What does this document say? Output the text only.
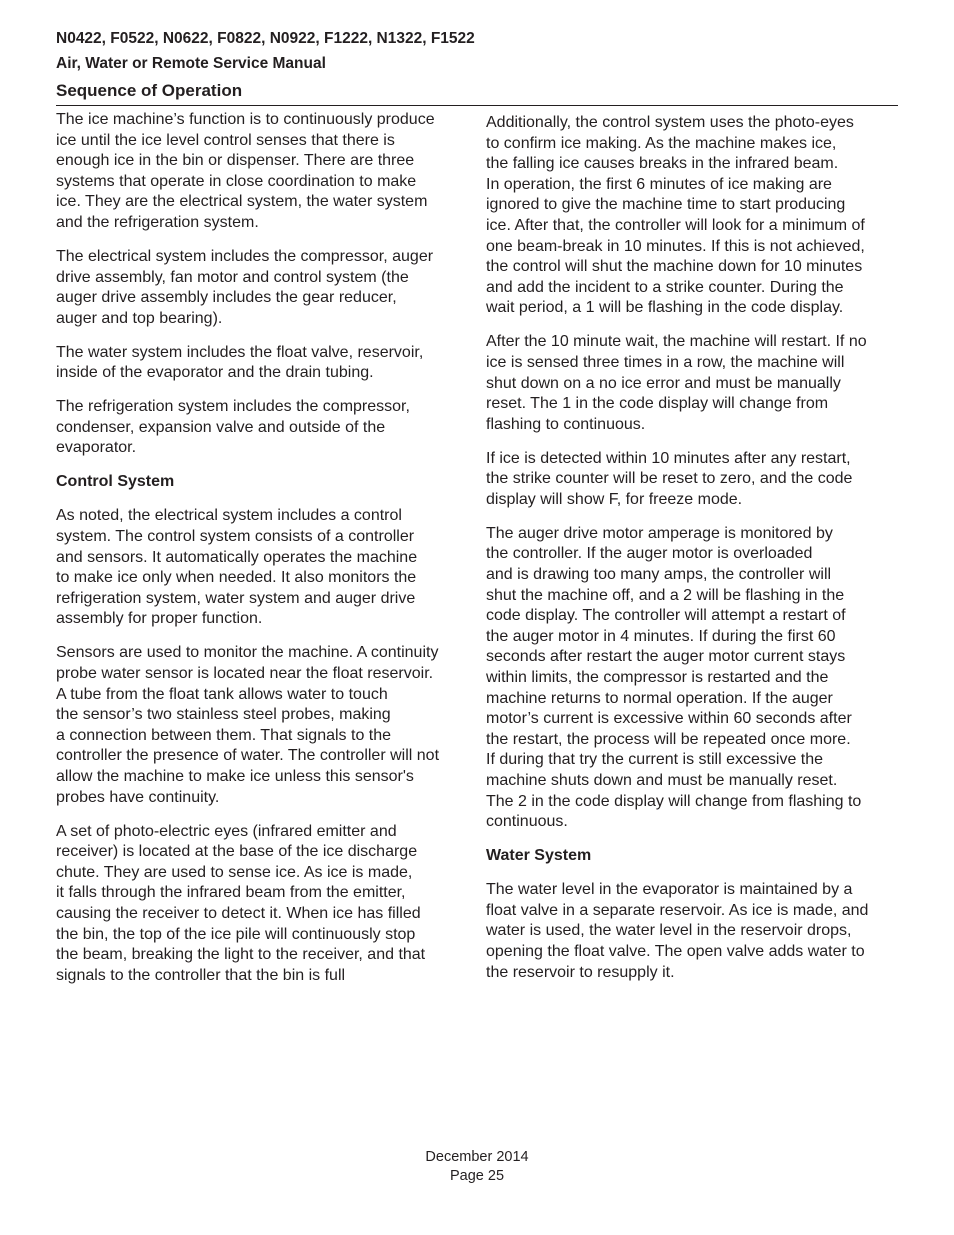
N0422, F0522, N0622, F0822, N0922, F1222, N1322, F1522
Air, Water or Remote Service Manual
Sequence of Operation

The ice machine’s function is to continuously produce
ice until the ice level control senses that there is
enough ice in the bin or dispenser. There are three
systems that operate in close coordination to make
ice. They are the electrical system, the water system
and the refrigeration system.

The electrical system includes the compressor, auger
drive assembly, fan motor and control system (the
auger drive assembly includes the gear reducer,
auger and top bearing).

The water system includes the float valve, reservoir,
inside of the evaporator and the drain tubing.

The refrigeration system includes the compressor,
condenser, expansion valve and outside of the
evaporator.

Control System

As noted, the electrical system includes a control
system. The control system consists of a controller
and sensors. It automatically operates the machine
to make ice only when needed. It also monitors the
refrigeration system, water system and auger drive
assembly for proper function.

Sensors are used to monitor the machine. A continuity
probe water sensor is located near the float reservoir.
A tube from the float tank allows water to touch
the sensor’s two stainless steel probes, making
a connection between them. That signals to the
controller the presence of water. The controller will not
allow the machine to make ice unless this sensor's
probes have continuity.

A set of photo-electric eyes (infrared emitter and
receiver) is located at the base of the ice discharge
chute. They are used to sense ice. As ice is made,
it falls through the infrared beam from the emitter,
causing the receiver to detect it. When ice has filled
the bin, the top of the ice pile will continuously stop
the beam, breaking the light to the receiver, and that
signals to the controller that the bin is full

Additionally, the control system uses the photo-eyes
to confirm ice making. As the machine makes ice,
the falling ice causes breaks in the infrared beam.
In operation, the first 6 minutes of ice making are
ignored to give the machine time to start producing
ice. After that, the controller will look for a minimum of
one beam-break in 10 minutes. If this is not achieved,
the control will shut the machine down for 10 minutes
and add the incident to a strike counter. During the
wait period, a 1 will be flashing in the code display.

After the 10 minute wait, the machine will restart. If no
ice is sensed three times in a row, the machine will
shut down on a no ice error and must be manually
reset. The 1 in the code display will change from
flashing to continuous.

If ice is detected within 10 minutes after any restart,
the strike counter will be reset to zero, and the code
display will show F, for freeze mode.

The auger drive motor amperage is monitored by
the controller. If the auger motor is overloaded
and is drawing too many amps, the controller will
shut the machine off, and a 2 will be flashing in the
code display. The controller will attempt a restart of
the auger motor in 4 minutes. If during the first 60
seconds after restart the auger motor current stays
within limits, the compressor is restarted and the
machine returns to normal operation. If the auger
motor’s current is excessive within 60 seconds after
the restart, the process will be repeated once more.
If during that try the current is still excessive the
machine shuts down and must be manually reset.
The 2 in the code display will change from flashing to
continuous.

Water System

The water level in the evaporator is maintained by a
float valve in a separate reservoir. As ice is made, and
water is used, the water level in the reservoir drops,
opening the float valve. The open valve adds water to
the reservoir to resupply it.

December 2014
Page 25
